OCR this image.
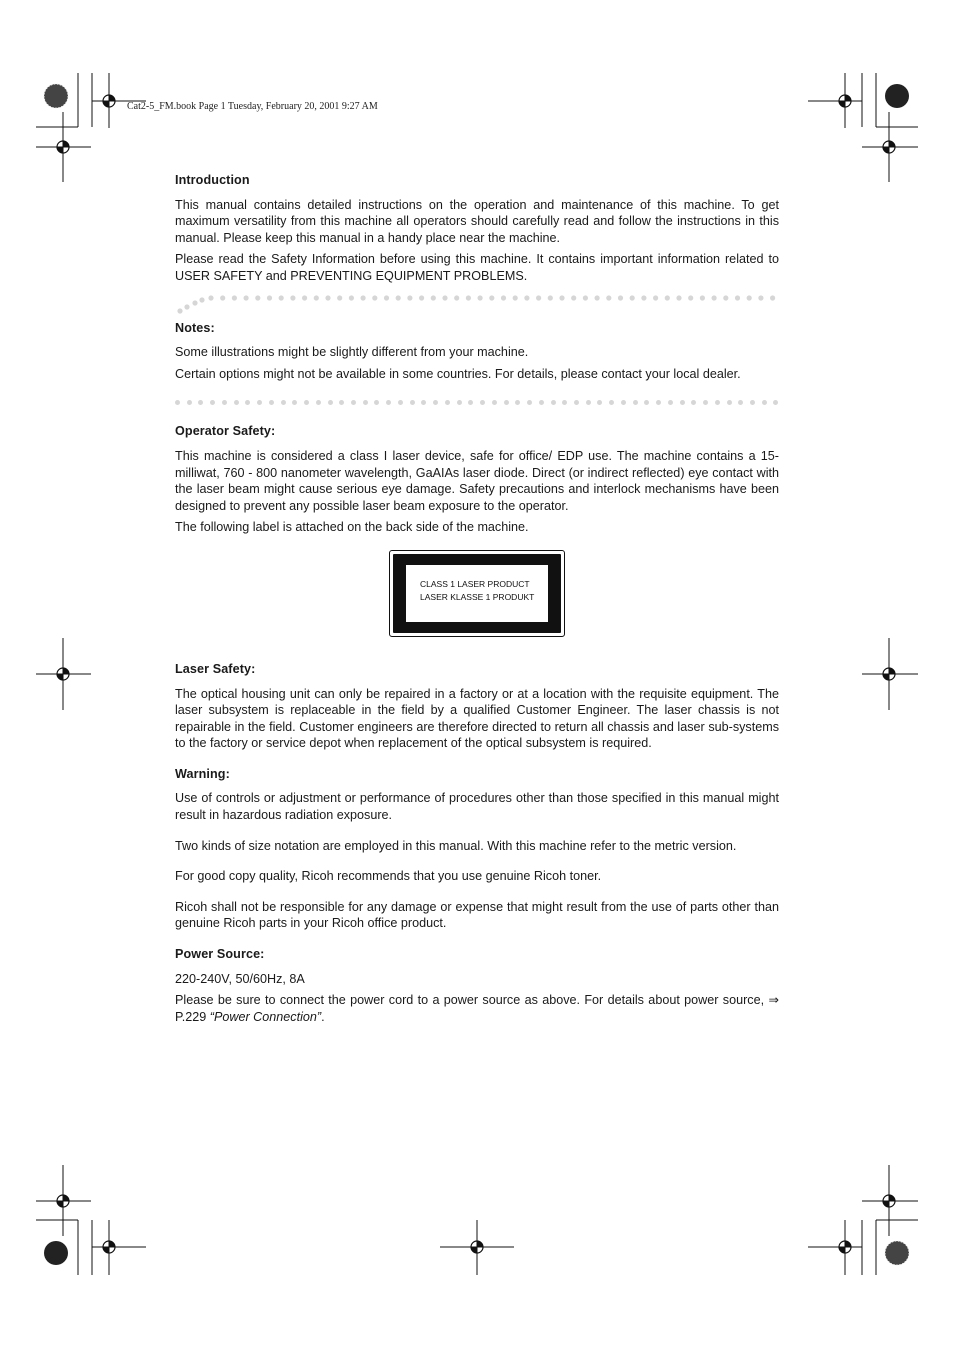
Cat2-5_FM.book Page 1 Tuesday, February 20, 2001 9:27 AM
Introduction

This manual contains detailed instructions on the operation and maintenance of this machine. To get maximum versatility from this machine all operators should carefully read and follow the instructions in this manual. Please keep this manual in a handy place near the machine.

Please read the Safety Information before using this machine. It contains important information related to USER SAFETY and PREVENTING EQUIPMENT PROBLEMS.

Notes:

Some illustrations might be slightly different from your machine.

Certain options might not be available in some countries. For details, please contact your local dealer.

Operator Safety:

This machine is considered a class I laser device, safe for office/ EDP use. The machine contains a 15-milliwat, 760 - 800 nanometer wavelength, GaAIAs laser diode. Direct (or indirect reflected) eye contact with the laser beam might cause serious eye damage. Safety precautions and interlock mechanisms have been designed to prevent any possible laser beam exposure to the operator.

The following label is attached on the back side of the machine.

CLASS 1 LASER PRODUCT
LASER KLASSE 1 PRODUKT
Laser Safety:

The optical housing unit can only be repaired in a factory or at a location with the requisite equipment. The laser subsystem is replaceable in the field by a qualified Customer Engineer. The laser chassis is not repairable in the field. Customer engineers are therefore directed to return all chassis and laser sub-systems to the factory or service depot when replacement of the optical subsystem is required.

Warning:

Use of controls or adjustment or performance of procedures other than those specified in this manual might result in hazardous radiation exposure.

Two kinds of size notation are employed in this manual. With this machine refer to the metric version.

For good copy quality, Ricoh recommends that you use genuine Ricoh toner.

Ricoh shall not be responsible for any damage or expense that might result from the use of parts other than genuine Ricoh parts in your Ricoh office product.

Power Source:

220-240V, 50/60Hz, 8A

Please be sure to connect the power cord to a power source as above. For details about power source, ⇒ P.229 “Power Connection”.
